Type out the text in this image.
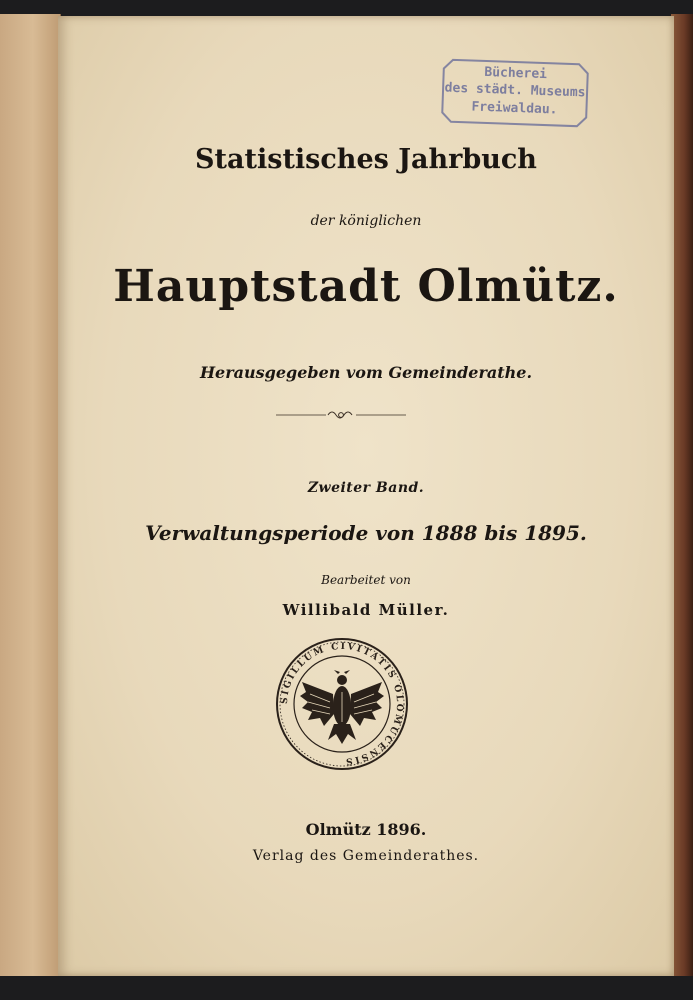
Bücherei
des städt. Museums
Freiwaldau.
Statistisches Jahrbuch
der königlichen
Hauptstadt Olmütz.
Herausgegeben vom Gemeinderathe.
Zweiter Band.
Verwaltungsperiode von 1888 bis 1895.
Bearbeitet von
Willibald Müller.
SIGILLUM CIVITATIS OLOMUCENSIS
Olmütz 1896.
Verlag des Gemeinderathes.
